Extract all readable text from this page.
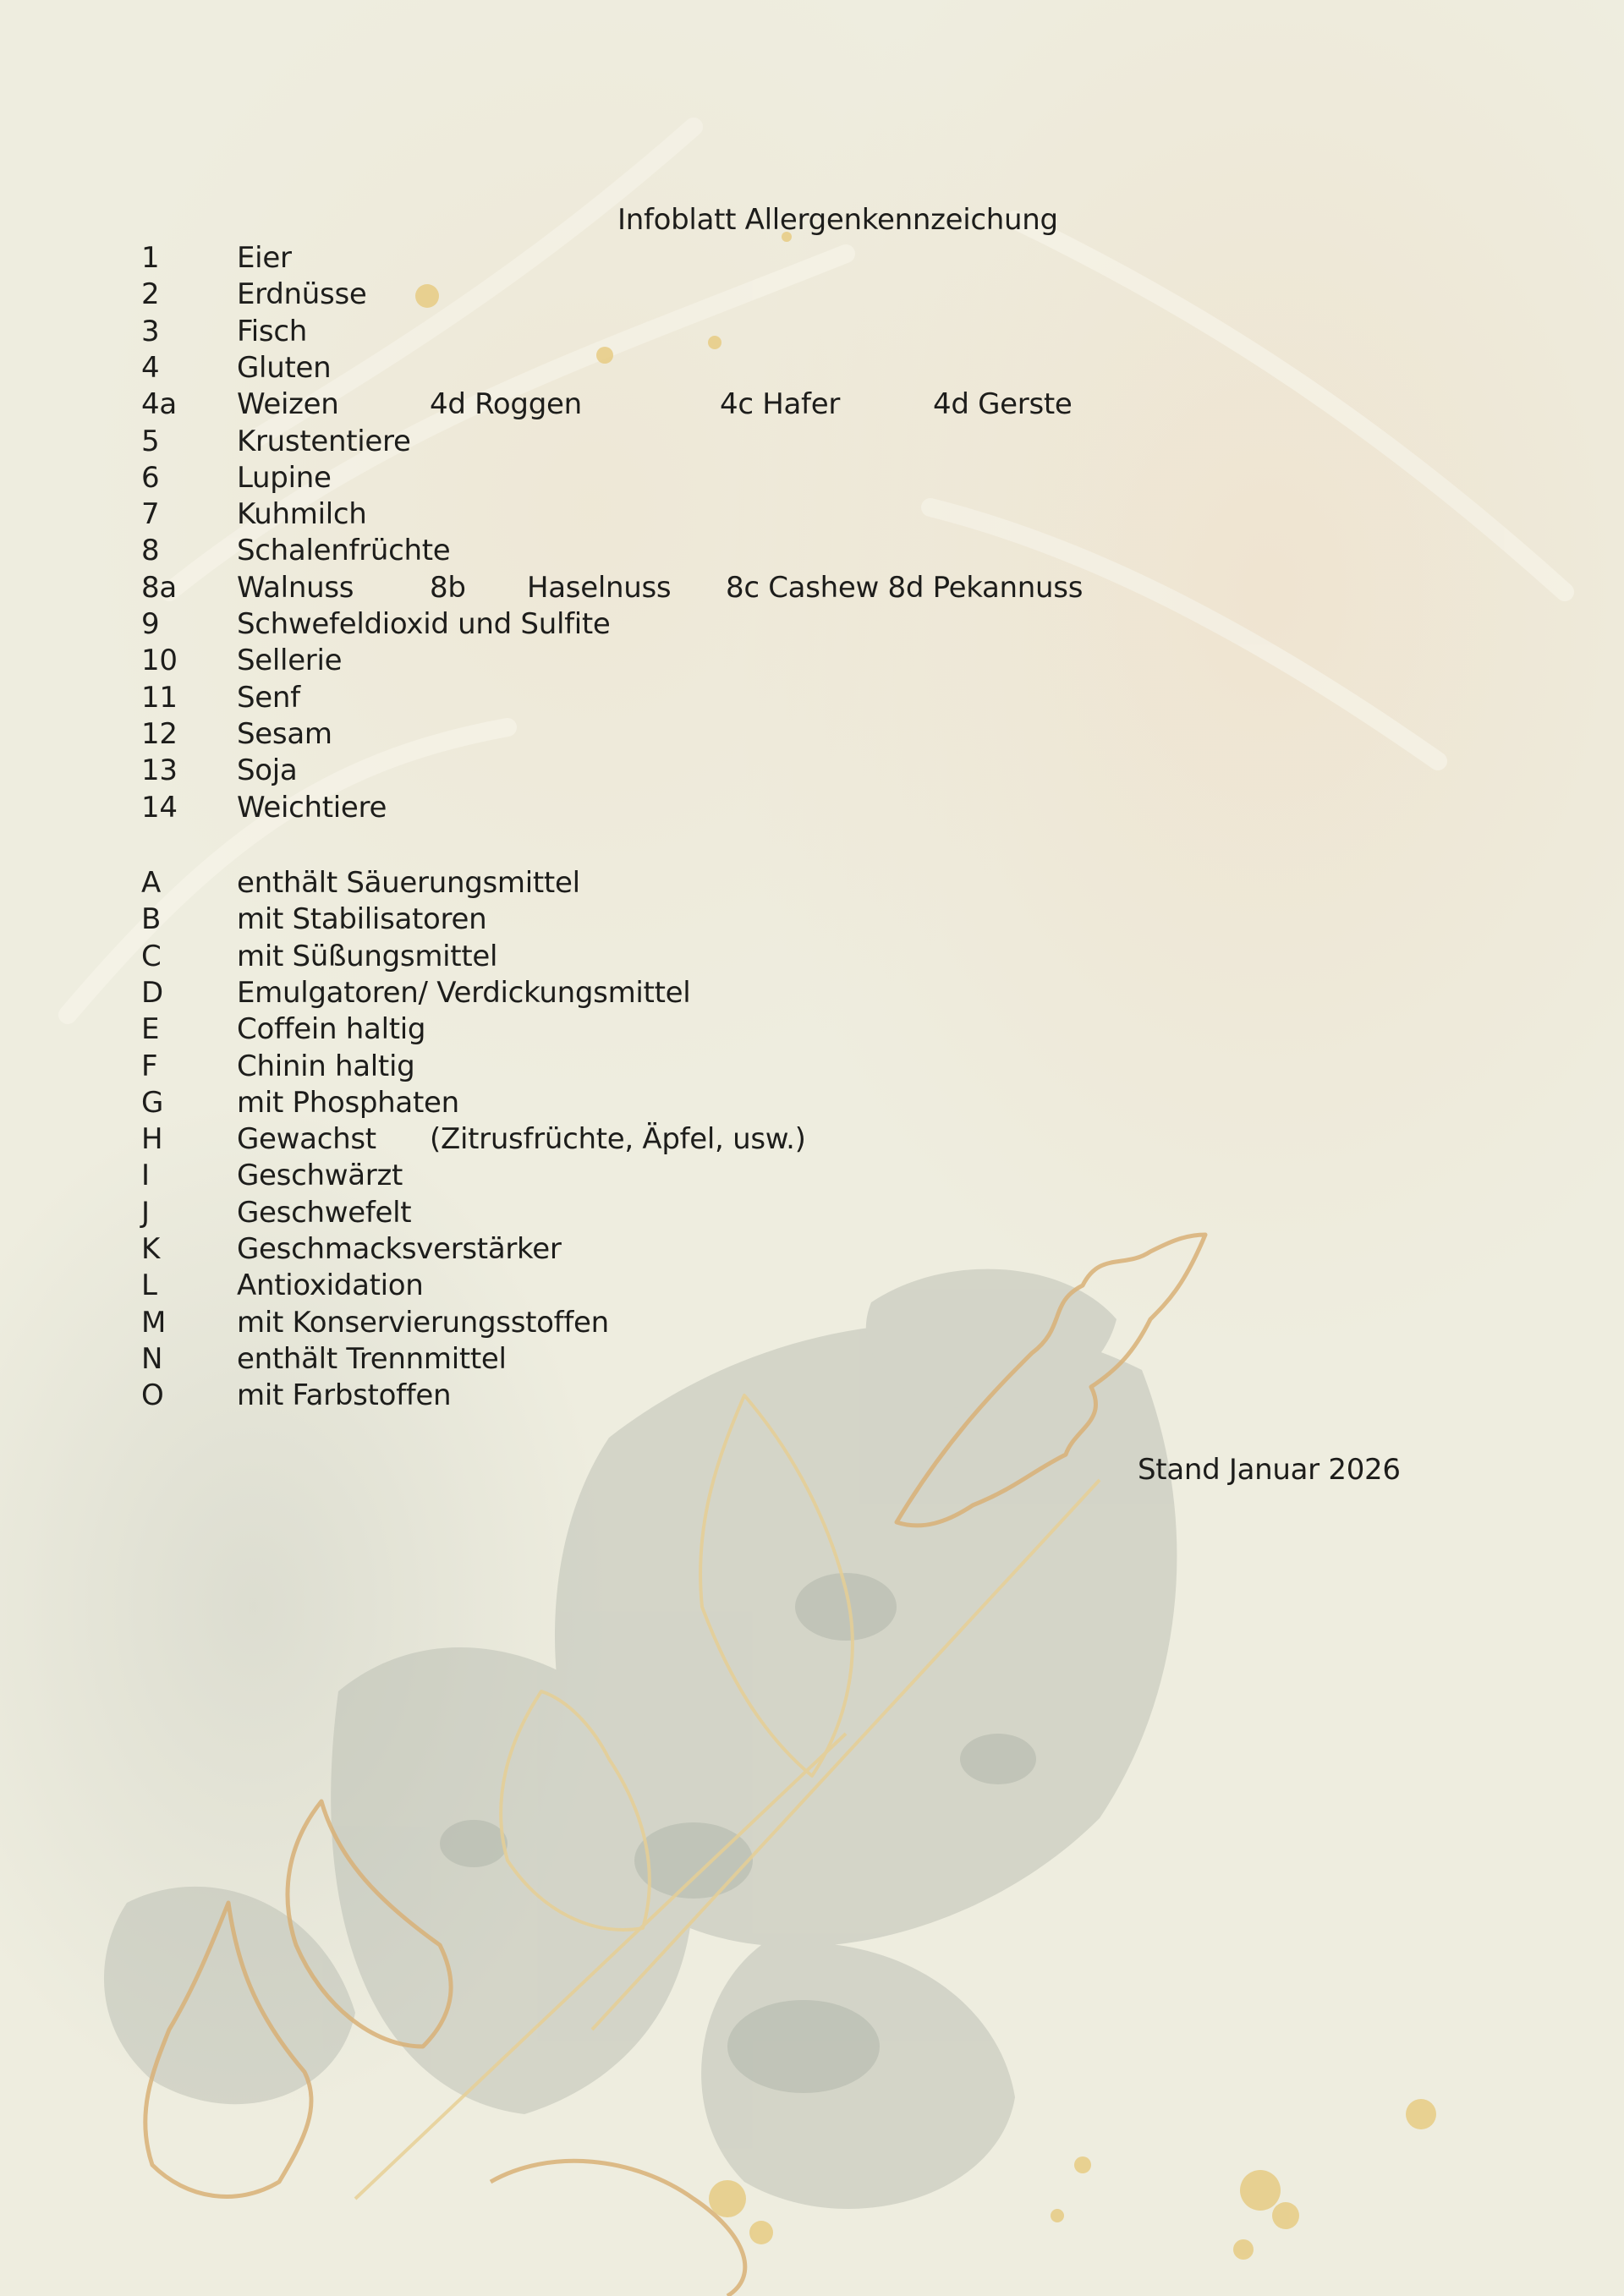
Infoblatt Allergenkennzeichung
1	Eier
2	Erdnüsse
3	Fisch
4	Gluten
4a Weizen	4d Roggen	4c Hafer	4d Gerste
5	Krustentiere
6	Lupine
7	Kuhmilch
8	Schalenfrüchte
8a Walnuss	8b Haselnuss 8c Cashew 8d Pekannuss
9	Schwefeldioxid und Sulfite
10 Sellerie
11 Senf
12 Sesam
13 Soja
14 Weichtiere
A	enthält Säuerungsmittel
B	mit Stabilisatoren
C	mit Süßungsmittel
D	Emulgatoren/ Verdickungsmittel
E	Coffein haltig
F	Chinin haltig
G	mit Phosphaten
H	Gewachst (Zitrusfrüchte, Äpfel, usw.)
I	Geschwärzt
J	Geschwefelt
K	Geschmacksverstärker
L	Antioxidation
M mit Konservierungsstoffen
N	enthält Trennmittel
O	mit Farbstoffen
Stand Januar 2026
